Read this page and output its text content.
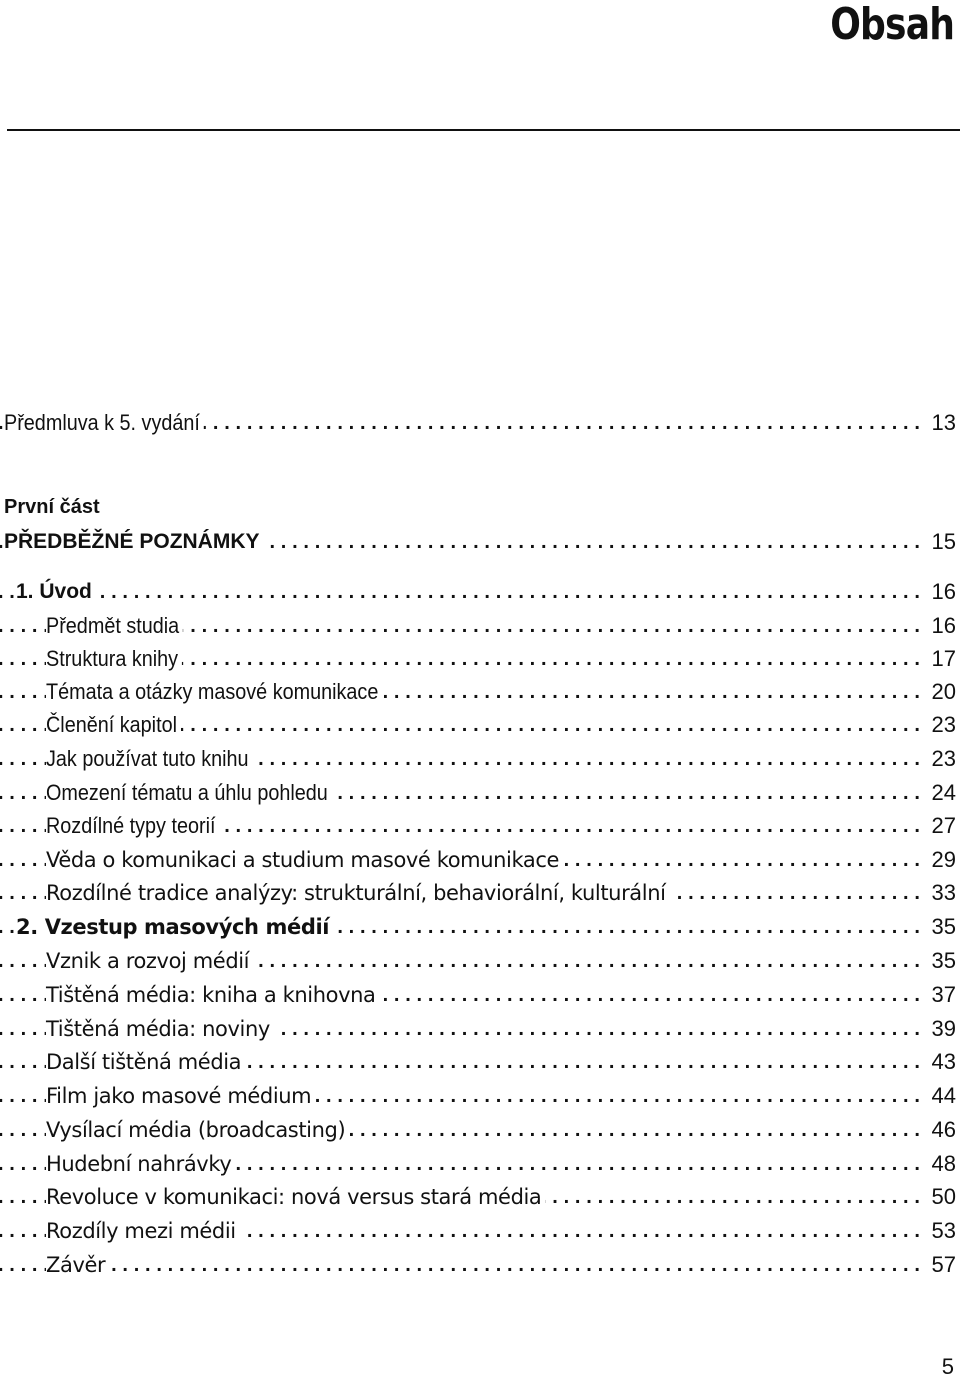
Obsah
. . .
Předmluva k 5. vydání	13
První část
. . .
PŘEDBĚŽNÉ POZNÁMKY	15
. . .
1. Úvod	16
. . .
Předmět studia	16
. . .
Struktura knihy	17
. . .
Témata a otázky masové komunikace	20
. . .
Členění kapitol	23
. . .
Jak používat tuto knihu	23
. . .
Omezení tématu a úhlu pohledu	24
. . .
Rozdílné typy teorií	27
. . .
Věda o komunikaci a studium masové komunikace	29
. . .
Rozdílné tradice analýzy: strukturální, behaviorální, kulturální	33
. . .
2. Vzestup masových médií	35
. . .
Vznik a rozvoj médií	35
. . .
Tištěná média: kniha a knihovna	37
. . .
Tištěná média: noviny	39
. . .
Další tištěná média	43
. . .
Film jako masové médium	44
. . .
Vysílací média (broadcasting)	46
. . .
Hudební nahrávky	48
. . .
Revoluce v komunikaci: nová versus stará média	50
. . .
Rozdíly mezi médii	53
. . .
Závěr	57
5
